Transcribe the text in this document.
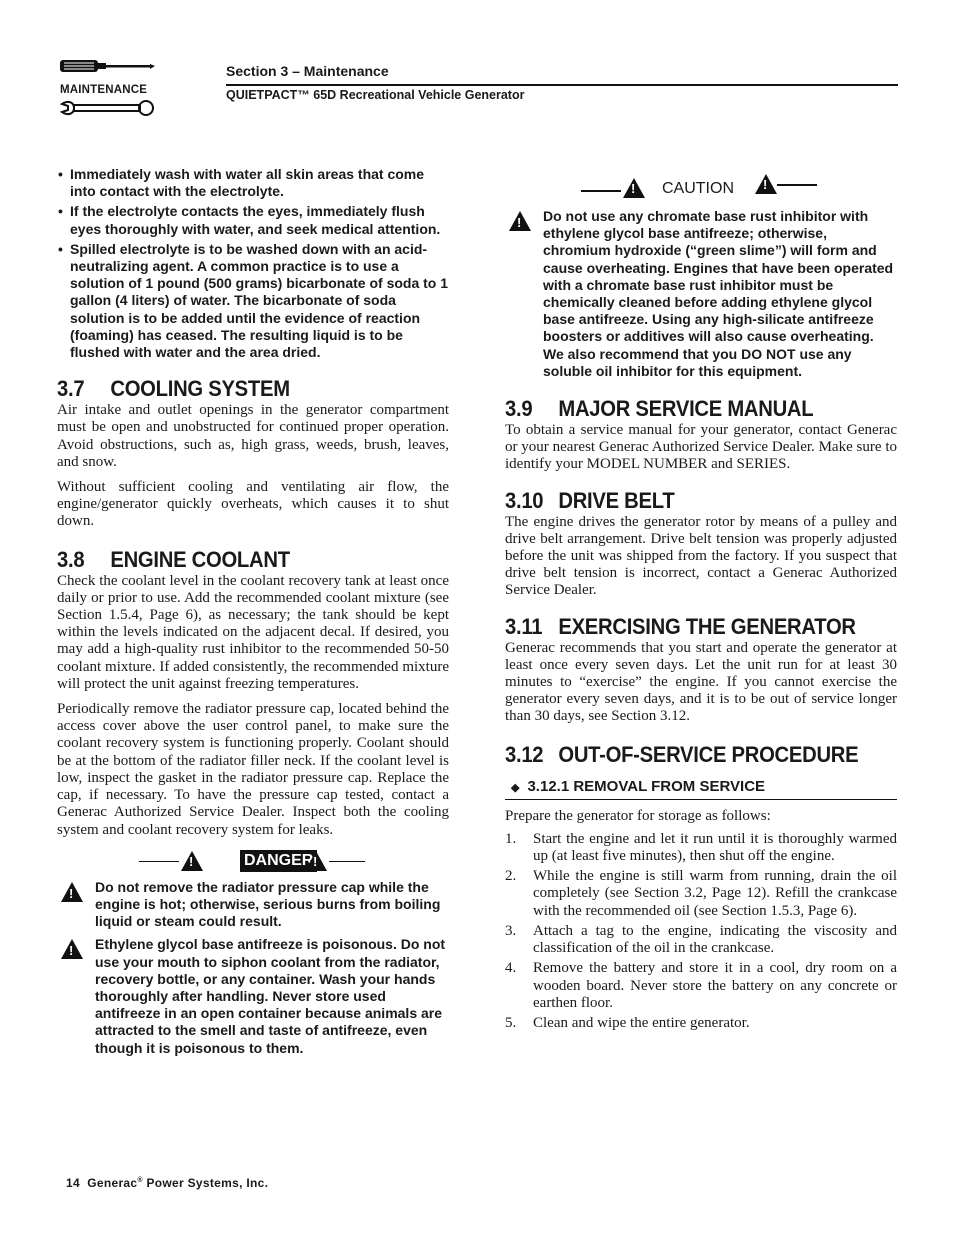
MAINTENANCE
Section 3 – Maintenance
QUIETPACT™ 65D Recreational Vehicle Generator
• Immediately wash with water all skin areas that come into contact with the electrolyte.
• If the electrolyte contacts the eyes, immediately flush eyes thoroughly with water, and seek medical attention.
• Spilled electrolyte is to be washed down with an acid-neutralizing agent. A common practice is to use a solution of 1 pound (500 grams) bicarbonate of soda to 1 gallon (4 liters) of water. The bicarbonate of soda solution is to be added until the evidence of reaction (foaming) has ceased. The resulting liquid is to be flushed with water and the area dried.
3.7 COOLING SYSTEM

Air intake and outlet openings in the generator compartment must be open and unobstructed for continued proper operation. Avoid obstructions, such as, high grass, weeds, brush, leaves, and snow.

Without sufficient cooling and ventilating air flow, the engine/generator quickly overheats, which causes it to shut down.

3.8 ENGINE COOLANT

Check the coolant level in the coolant recovery tank at least once daily or prior to use. Add the recommended coolant mixture (see Section 1.5.4, Page 6), as necessary; the tank should be kept within the levels indicated on the adjacent decal. If desired, you may add a high-quality rust inhibitor to the recommended 50-50 coolant mixture. If added consistently, the recommended mixture will protect the unit against freezing temperatures.

Periodically remove the radiator pressure cap, located behind the access cover above the user control panel, to make sure the coolant recovery system is functioning properly. Coolant should be at the bottom of the radiator filler neck. If the coolant level is low, inspect the gasket in the radiator pressure cap. Replace the cap, if necessary. To have the pressure cap tested, contact a Generac Authorized Service Dealer. Inspect both the cooling system and coolant recovery system for leaks.

!
DANGER
!
!
Do not remove the radiator pressure cap while the engine is hot; otherwise, serious burns from boiling liquid or steam could result.
!
Ethylene glycol base antifreeze is poisonous. Do not use your mouth to siphon coolant from the radiator, recovery bottle, or any container. Wash your hands thoroughly after handling. Never store used antifreeze in an open container because animals are attracted to the smell and taste of antifreeze, even though it is poisonous to them.
!
CAUTION
!
!
Do not use any chromate base rust inhibitor with ethylene glycol base antifreeze; otherwise, chromium hydroxide (“green slime”) will form and cause overheating. Engines that have been operated with a chromate base rust inhibitor must be chemically cleaned before adding ethylene glycol base antifreeze. Using any high-silicate antifreeze boosters or additives will also cause overheating. We also recommend that you DO NOT use any soluble oil inhibitor for this equipment.
3.9 MAJOR SERVICE MANUAL

To obtain a service manual for your generator, contact Generac or your nearest Generac Authorized Service Dealer. Make sure to identify your MODEL NUMBER and SERIES.

3.10 DRIVE BELT

The engine drives the generator rotor by means of a pulley and drive belt arrangement. Drive belt tension was properly adjusted before the unit was shipped from the factory. If you suspect that drive belt tension is incorrect, contact a Generac Authorized Service Dealer.

3.11 EXERCISING THE GENERATOR

Generac recommends that you start and operate the generator at least once every seven days. Let the unit run for at least 30 minutes to “exercise” the engine. If you cannot exercise the generator every seven days, and it is to be out of service longer than 30 days, see Section 3.12.

3.12 OUT-OF-SERVICE PROCEDURE
◆ 3.12.1 REMOVAL FROM SERVICE

Prepare the generator for storage as follows:

1. Start the engine and let it run until it is thoroughly warmed up (at least five minutes), then shut off the engine.
2. While the engine is still warm from running, drain the oil completely (see Section 3.2, Page 12). Refill the crankcase with the recommended oil (see Section 1.5.3, Page 6).
3. Attach a tag to the engine, indicating the viscosity and classification of the oil in the crankcase.
4. Remove the battery and store it in a cool, dry room on a wooden board. Never store the battery on any concrete or earthen floor.
5. Clean and wipe the entire generator.
14 Generac® Power Systems, Inc.
